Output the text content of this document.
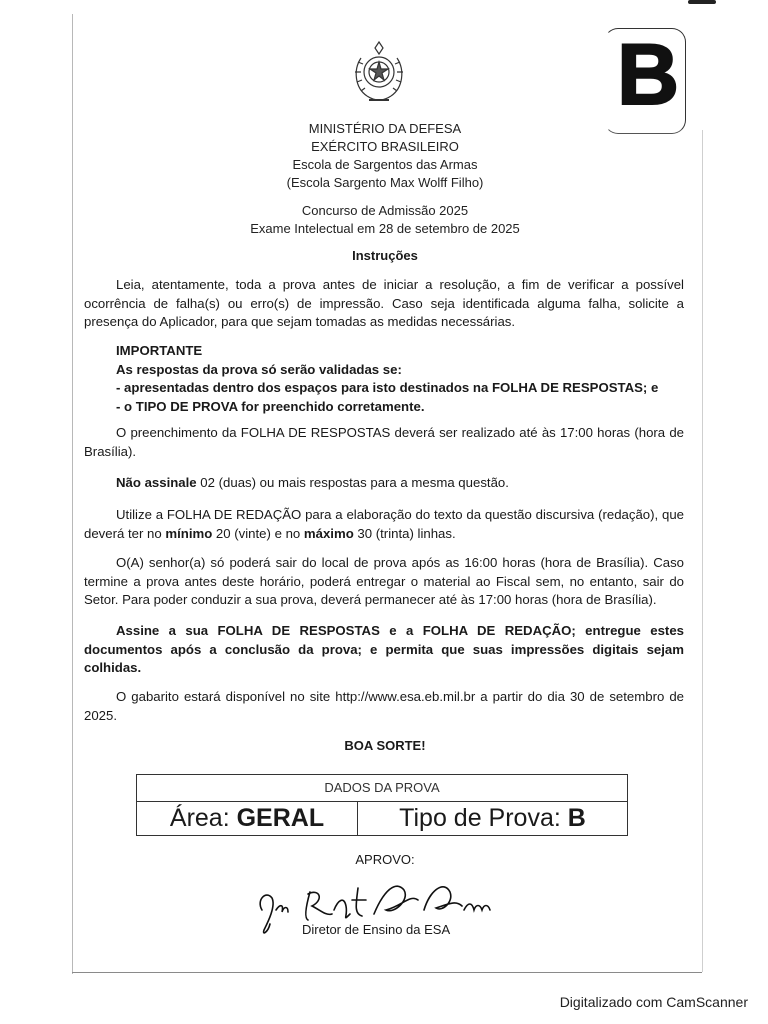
B
MINISTÉRIO DA DEFESA
EXÉRCITO BRASILEIRO
Escola de Sargentos das Armas
(Escola Sargento Max Wolff Filho)
Concurso de Admissão 2025
Exame Intelectual em 28 de setembro de 2025
Instruções
Leia, atentamente, toda a prova antes de iniciar a resolução, a fim de verificar a possível ocorrência de falha(s) ou erro(s) de impressão. Caso seja identificada alguma falha, solicite a presença do Aplicador, para que sejam tomadas as medidas necessárias.
IMPORTANTE
As respostas da prova só serão validadas se:
- apresentadas dentro dos espaços para isto destinados na FOLHA DE RESPOSTAS; e
- o TIPO DE PROVA for preenchido corretamente.
O preenchimento da FOLHA DE RESPOSTAS deverá ser realizado até às 17:00 horas (hora de Brasília).
Não assinale 02 (duas) ou mais respostas para a mesma questão.
Utilize a FOLHA DE REDAÇÃO para a elaboração do texto da questão discursiva (redação), que deverá ter no mínimo 20 (vinte) e no máximo 30 (trinta) linhas.
O(A) senhor(a) só poderá sair do local de prova após as 16:00 horas (hora de Brasília). Caso termine a prova antes deste horário, poderá entregar o material ao Fiscal sem, no entanto, sair do Setor. Para poder conduzir a sua prova, deverá permanecer até às 17:00 horas (hora de Brasília).
Assine a sua FOLHA DE RESPOSTAS e a FOLHA DE REDAÇÃO; entregue estes documentos após a conclusão da prova; e permita que suas impressões digitais sejam colhidas.
O gabarito estará disponível no site http://www.esa.eb.mil.br a partir do dia 30 de setembro de 2025.
BOA SORTE!
DADOS DA PROVA
Área: GERAL	Tipo de Prova: B
APROVO:
Diretor de Ensino da ESA
Digitalizado com CamScanner
